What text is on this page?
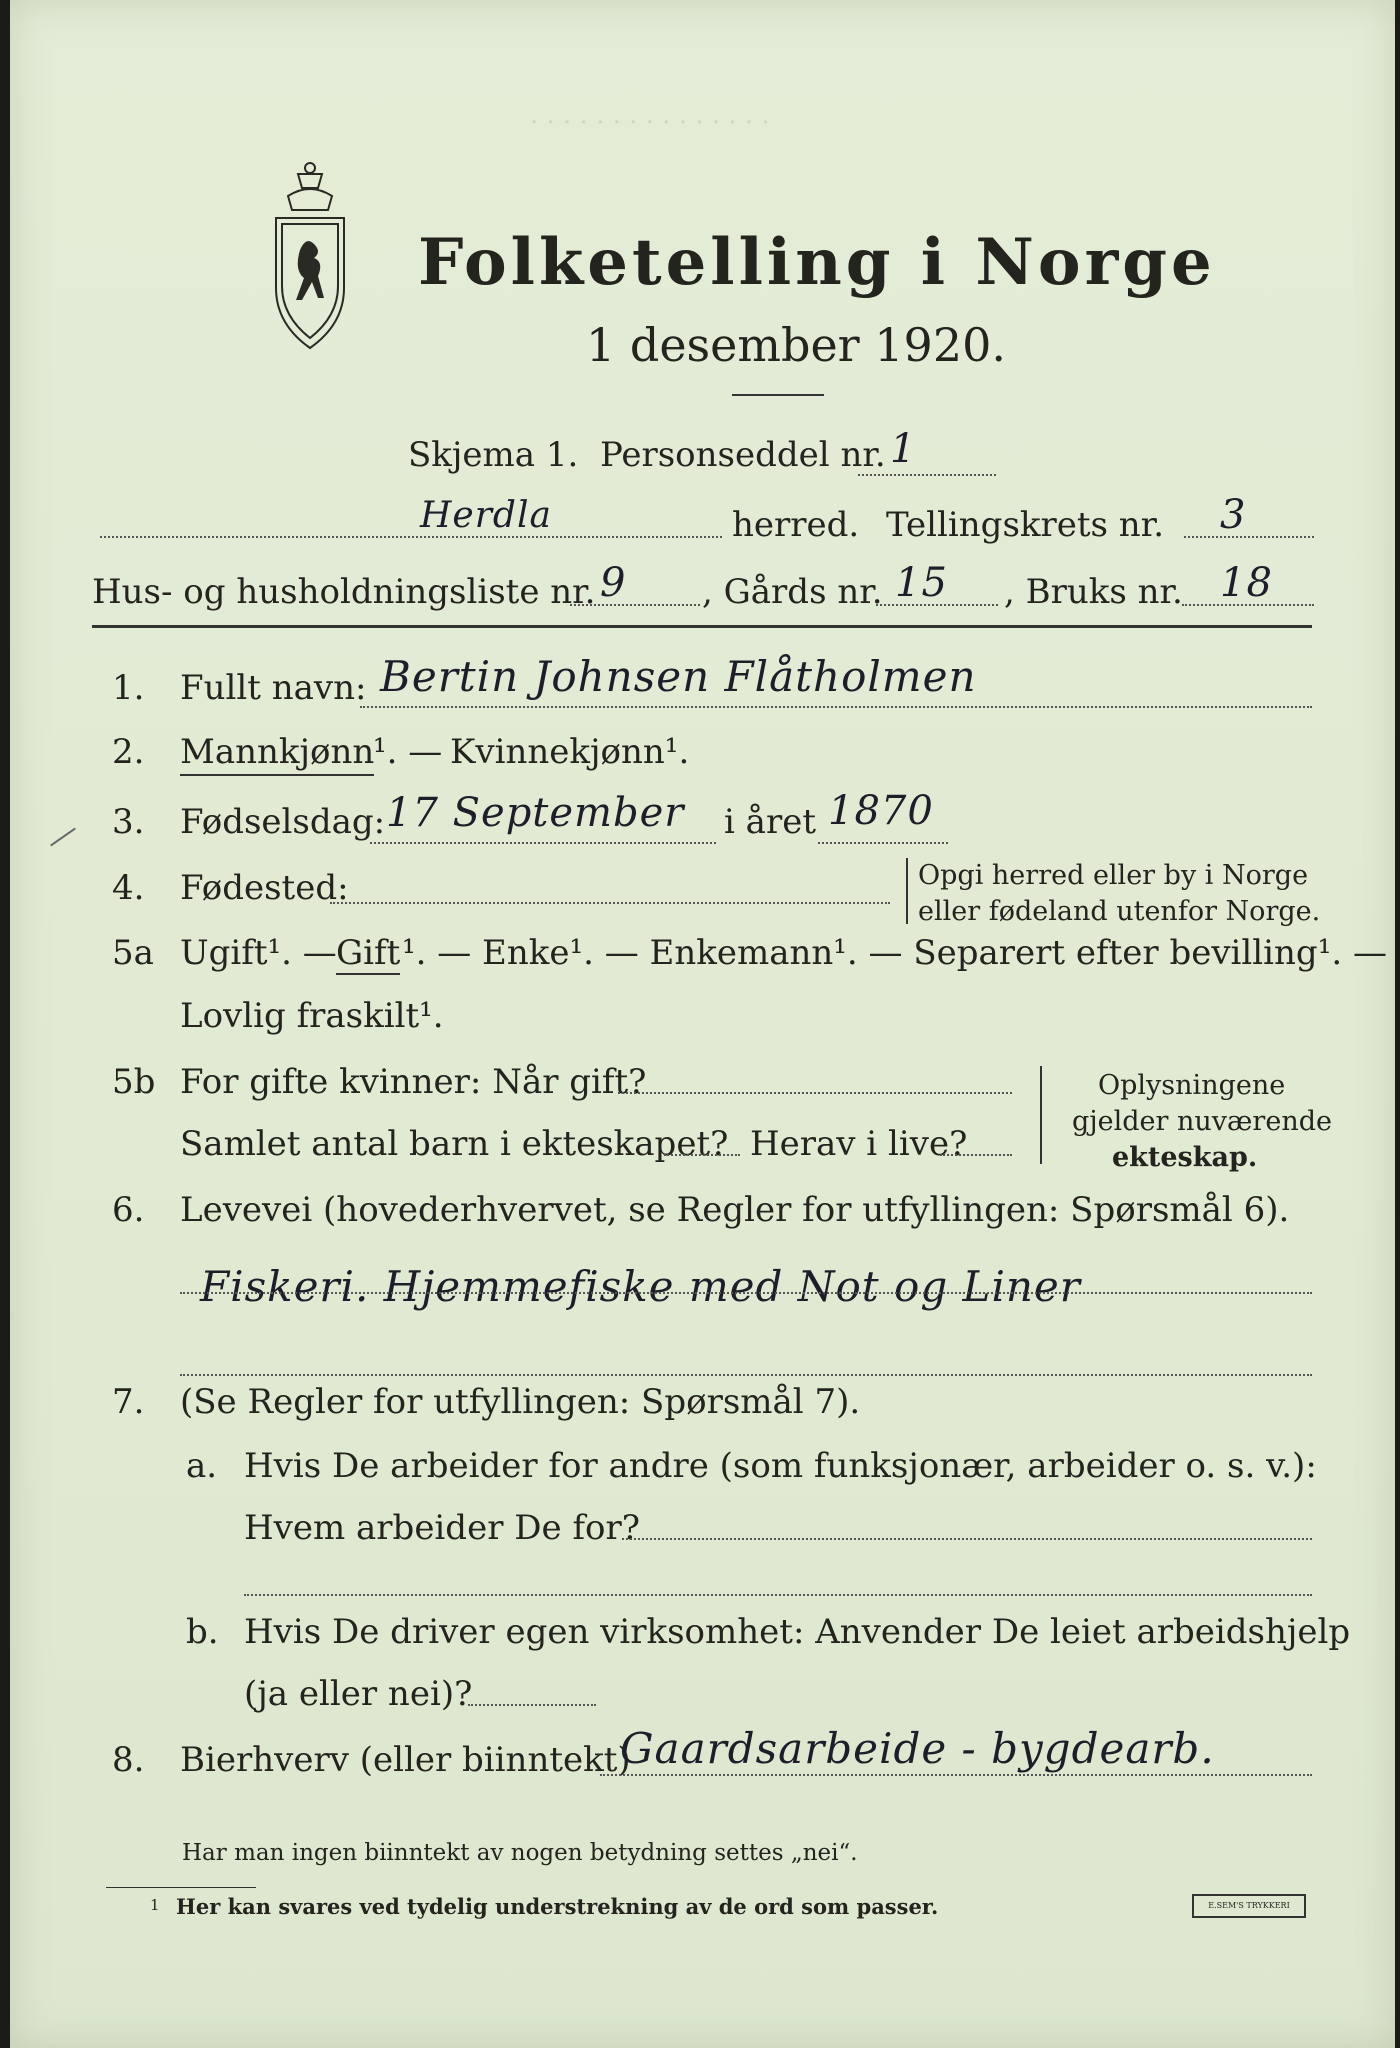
· · · · · · · · · · · · · · ·
Folketelling i Norge
1 desember 1920.
Skjema 1. Personseddel nr. 1
Herdla	herred. Tellingskrets nr. 3
Hus- og husholdningsliste nr. 9 , Gårds nr. 15 , Bruks nr. 18
1. Fullt navn: Bertin Johnsen Flåtholmen
2. Mannkjønn
¹. — Kvinnekjønn¹.
3. Fødselsdag: 17 September i året 1870
4. Fødested:	Opgi herred eller by i Norge
eller fødeland utenfor Norge.
5a Ugift¹. — Gift ¹. — Enke¹. — Enkemann¹. — Separert efter bevilling¹. —
Lovlig fraskilt¹.
5b For gifte kvinner: Når gift?
Samlet antal barn i ekteskapet? Herav i live?
Oplysningene
gjelder nuværende
ekteskap.
6. Levevei (hovederhvervet, se Regler for utfyllingen: Spørsmål 6).
Fiskeri. Hjemmefiske med Not og Liner
7. (Se Regler for utfyllingen: Spørsmål 7).
a. Hvis De arbeider for andre (som funksjonær, arbeider o. s. v.):
Hvem arbeider De for?
b. Hvis De driver egen virksomhet: Anvender De leiet arbeidshjelp
(ja eller nei)?
8. Bierhverv (eller biinntekt)
Gaardsarbeide - bygdearb.
Har man ingen biinntekt av nogen betydning settes „nei“.
1 Her kan svares ved tydelig understrekning av de ord som passer.	E.SEM'S TRYKKERI
